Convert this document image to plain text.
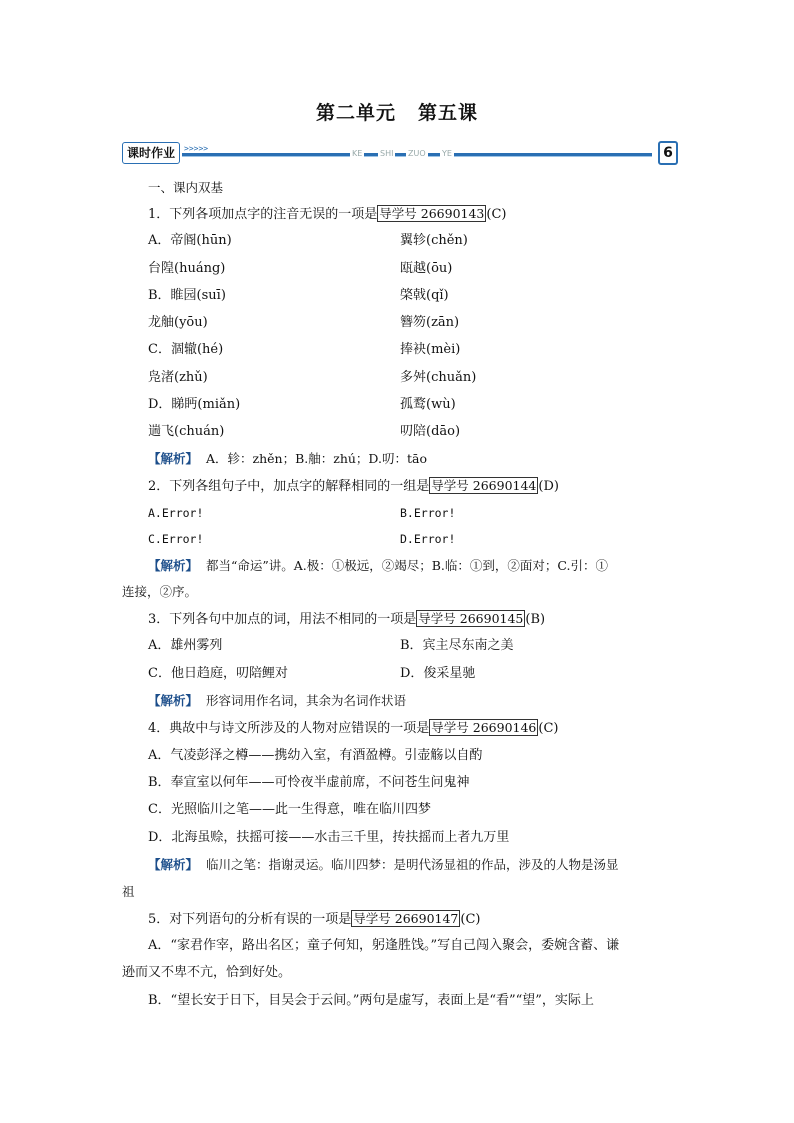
第二单元 第五课
>>>>>
KE SHI ZUO YE
课时作业	6
一、课内双基
1．下列各项加点字的注音无误的一项是 导学号 26690143 (C)
A．帝阍(hūn)	翼轸(chěn)
台隍(huáng)	瓯越(ōu)
B．睢园(suī)	棨戟(qǐ)
龙舳(yōu)	簪笏(zān)
C．涸辙(hé)	捧袂(mèi)
凫渚(zhǔ)	多舛(chuǎn)
D．睇眄(miǎn)	孤鹜(wù)
遄飞(chuán)	叨陪(dāo)
【解析】 A．轸：zhěn；B.舳：zhú；D.叨：tāo
2．下列各组句子中，加点字的解释相同的一组是 导学号 26690144 (D)
A.Error!	B.Error!
C.Error!	D.Error!
【解析】 都当“命运”讲。A.极：①极远，②竭尽；B.临：①到，②面对；C.引：①
连接，②序。
3．下列各句中加点的词，用法不相同的一项是 导学号 26690145 (B)
A．雄州雾列	B．宾主尽东南之美
C．他日趋庭，叨陪鲤对	D．俊采星驰
【解析】 形容词用作名词，其余为名词作状语
4．典故中与诗文所涉及的人物对应错误的一项是 导学号 26690146 (C)
A．气凌彭泽之樽——携幼入室，有酒盈樽。引壶觞以自酌
B．奉宣室以何年——可怜夜半虚前席，不问苍生问鬼神
C．光照临川之笔——此一生得意，唯在临川四梦
D．北海虽赊，扶摇可接——水击三千里，抟扶摇而上者九万里
【解析】 临川之笔：指谢灵运。临川四梦：是明代汤显祖的作品，涉及的人物是汤显
祖
5．对下列语句的分析有误的一项是 导学号 26690147 (C)
A．“家君作宰，路出名区；童子何知，躬逢胜饯。”写自己闯入聚会，委婉含蓄、谦
逊而又不卑不亢，恰到好处。
B．“望长安于日下，目吴会于云间。”两句是虚写，表面上是“看”“望”，实际上
